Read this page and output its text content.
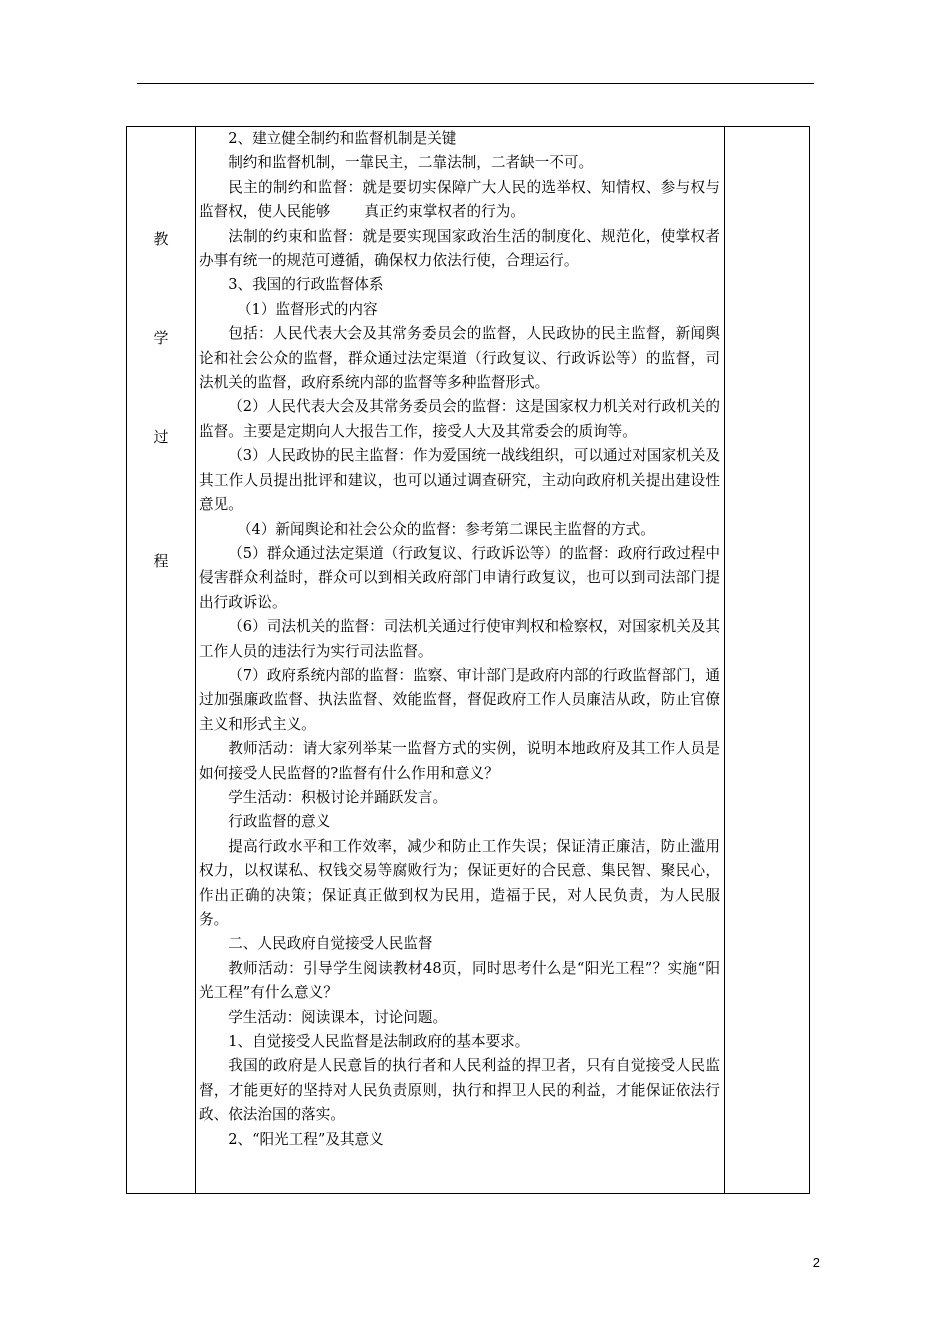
教
学
过
程

2、建立健全制约和监督机制是关键

制约和监督机制，一靠民主，二靠法制，二者缺一不可。

民主的制约和监督：就是要切实保障广大人民的选举权、知情权、参与权与监督权，使人民能够 真正约束掌权者的行为。

法制的约束和监督：就是要实现国家政治生活的制度化、规范化，使掌权者办事有统一的规范可遵循，确保权力依法行使，合理运行。

3、我国的行政监督体系

（1）监督形式的内容

包括：人民代表大会及其常务委员会的监督，人民政协的民主监督，新闻舆论和社会公众的监督，群众通过法定渠道（行政复议、行政诉讼等）的监督，司法机关的监督，政府系统内部的监督等多种监督形式。

（2）人民代表大会及其常务委员会的监督：这是国家权力机关对行政机关的监督。主要是定期向人大报告工作，接受人大及其常委会的质询等。

（3）人民政协的民主监督：作为爱国统一战线组织，可以通过对国家机关及其工作人员提出批评和建议，也可以通过调查研究，主动向政府机关提出建设性意见。

（4）新闻舆论和社会公众的监督：参考第二课民主监督的方式。

（5）群众通过法定渠道（行政复议、行政诉讼等）的监督：政府行政过程中侵害群众利益时，群众可以到相关政府部门申请行政复议，也可以到司法部门提出行政诉讼。

（6）司法机关的监督：司法机关通过行使审判权和检察权，对国家机关及其工作人员的违法行为实行司法监督。

（7）政府系统内部的监督：监察、审计部门是政府内部的行政监督部门，通过加强廉政监督、执法监督、效能监督，督促政府工作人员廉洁从政，防止官僚主义和形式主义。

教师活动：请大家列举某一监督方式的实例，说明本地政府及其工作人员是如何接受人民监督的?监督有什么作用和意义？

学生活动：积极讨论并踊跃发言。

行政监督的意义

提高行政水平和工作效率，减少和防止工作失误；保证清正廉洁，防止滥用权力，以权谋私、权钱交易等腐败行为；保证更好的合民意、集民智、聚民心，作出正确的决策；保证真正做到权为民用，造福于民，对人民负责，为人民服务。

二、人民政府自觉接受人民监督

教师活动：引导学生阅读教材48页，同时思考什么是“阳光工程”？实施“阳光工程”有什么意义？

学生活动：阅读课本，讨论问题。

1、自觉接受人民监督是法制政府的基本要求。

我国的政府是人民意旨的执行者和人民利益的捍卫者，只有自觉接受人民监督，才能更好的坚持对人民负责原则，执行和捍卫人民的利益，才能保证依法行政、依法治国的落实。

2、“阳光工程”及其意义

2
